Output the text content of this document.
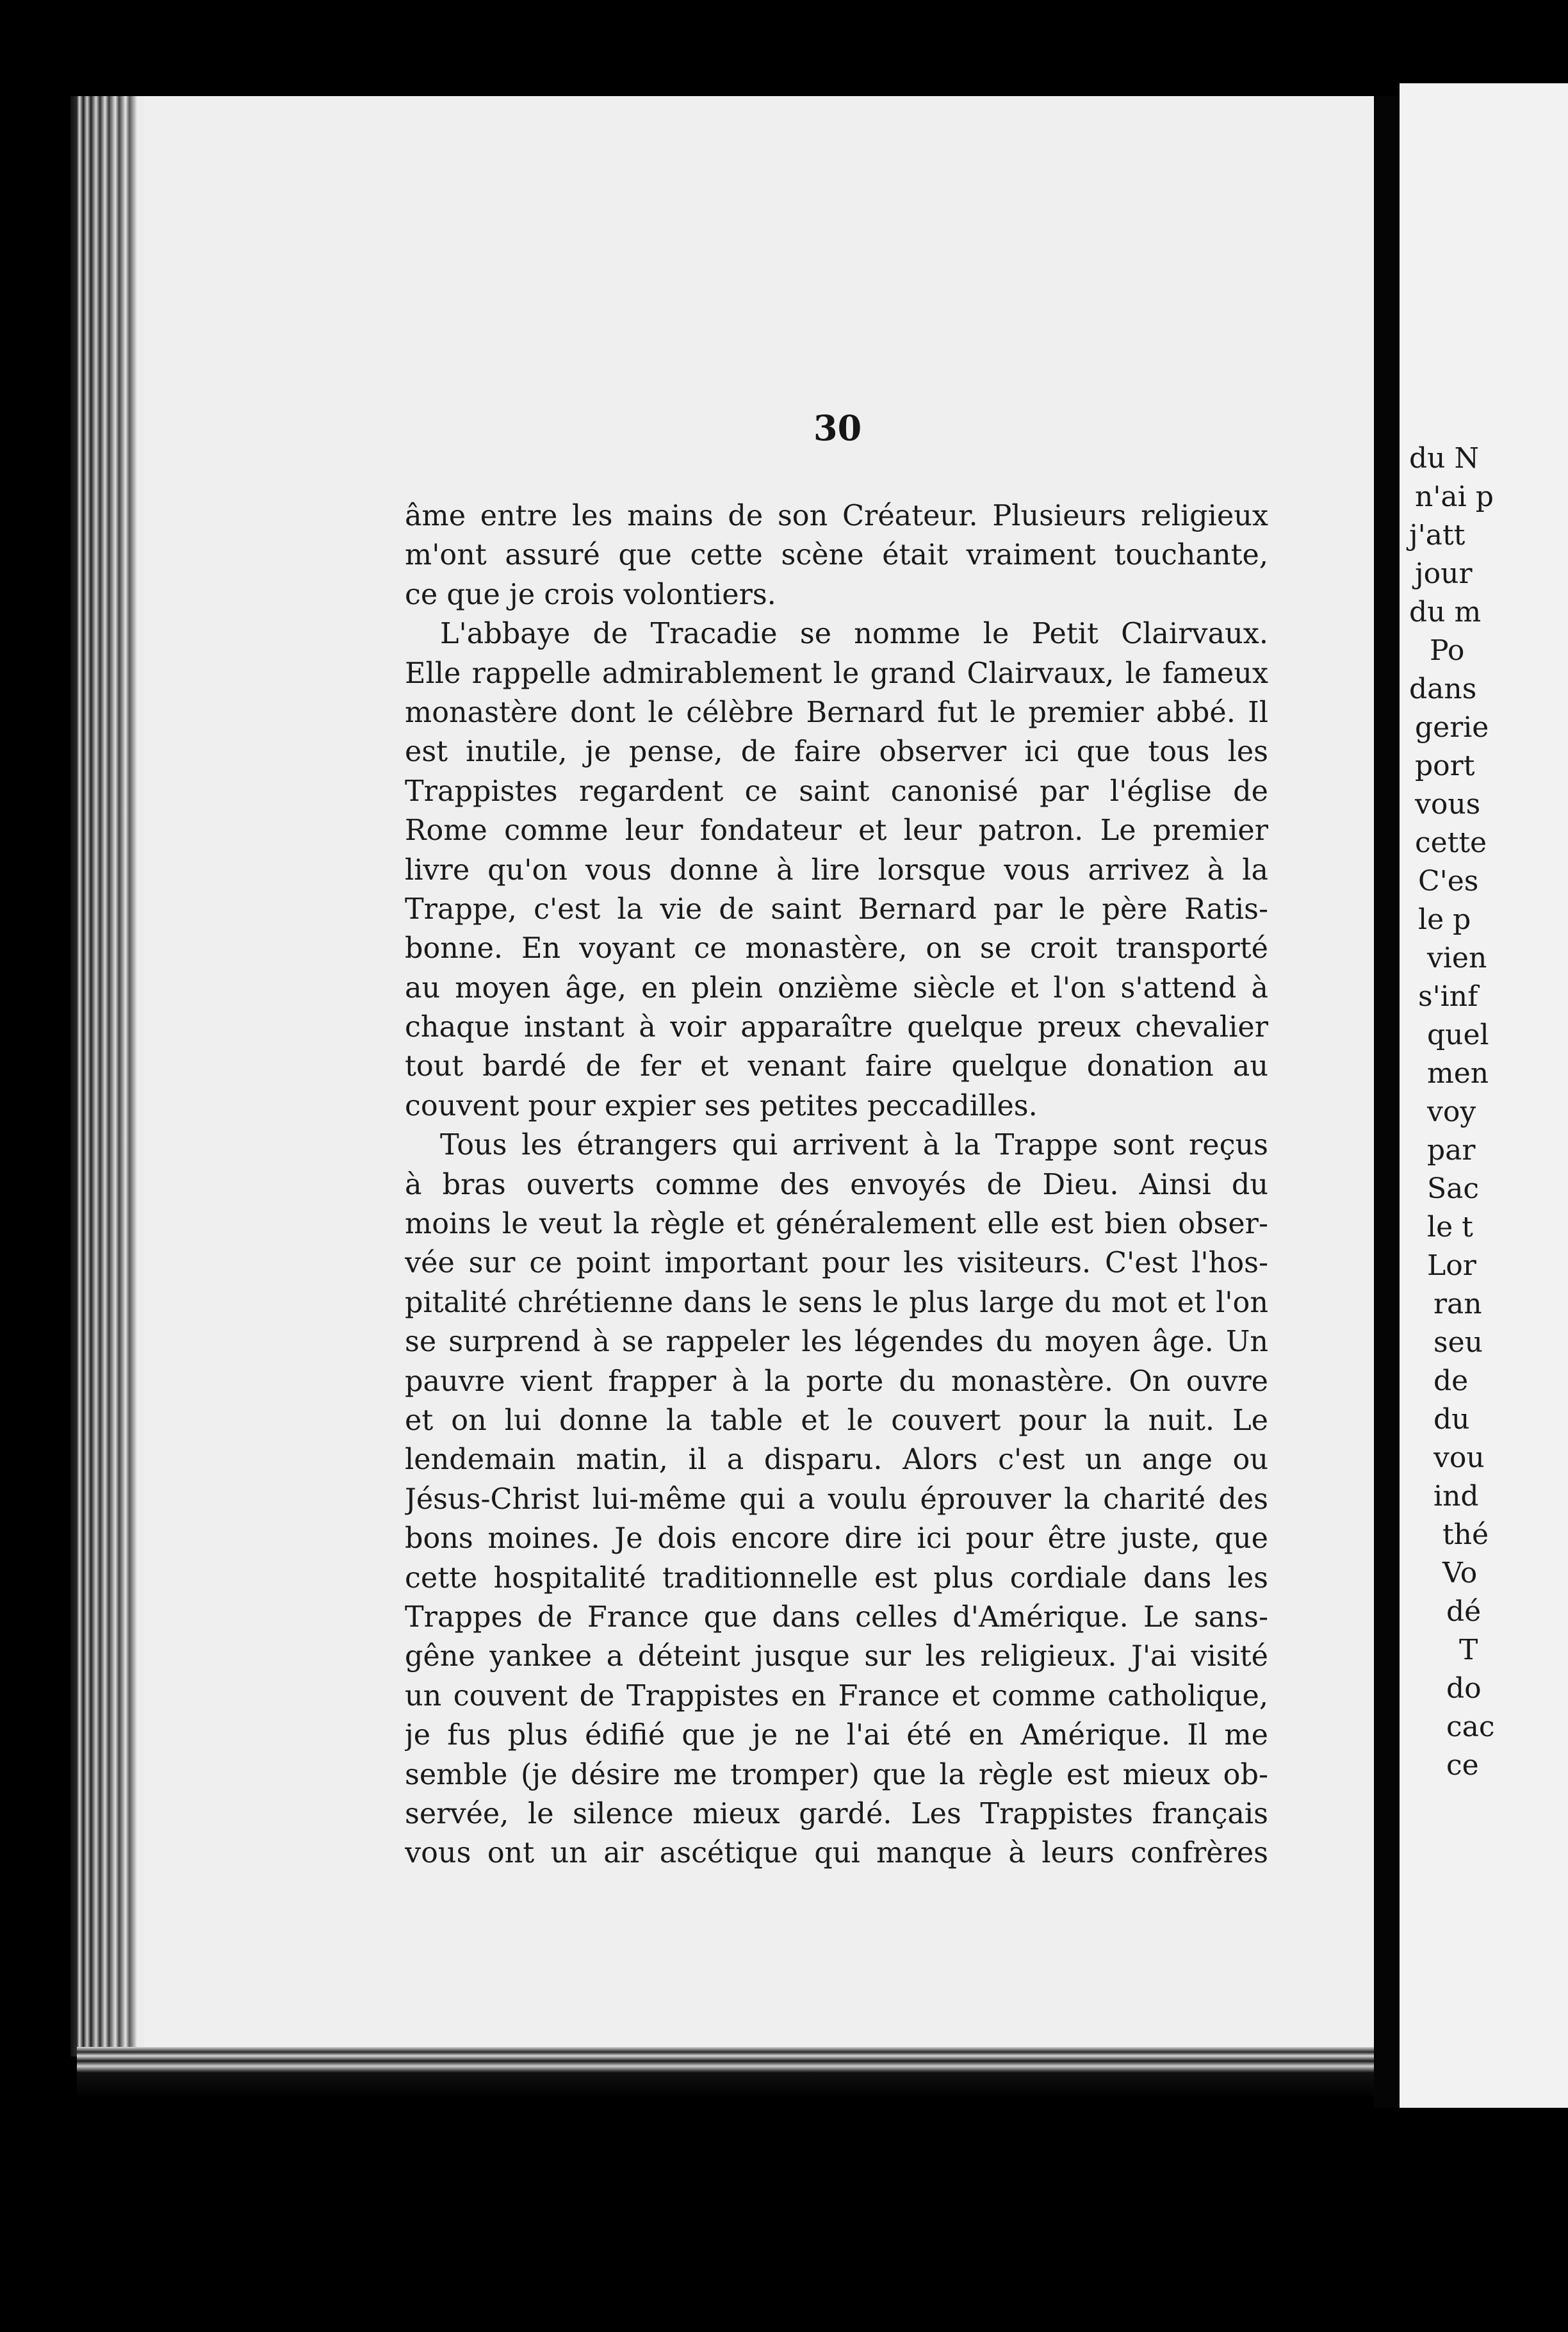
du N
n'ai p
j'att
jour
du m
Po
dans
gerie
port
vous
cette
C'es
le p
vien
s'inf
quel
men
voy
par
Sac
le t
Lor
ran
seu
de
du
vou
ind
thé
Vo
dé
T
do
cac
ce
30
âme entre les mains de son Créateur. Plusieurs religieux
m'ont assuré que cette scène était vraiment touchante,
ce que je crois volontiers.
L'abbaye de Tracadie se nomme le Petit Clairvaux.
Elle rappelle admirablement le grand Clairvaux, le fameux
monastère dont le célèbre Bernard fut le premier abbé. Il
est inutile, je pense, de faire observer ici que tous les
Trappistes regardent ce saint canonisé par l'église de
Rome comme leur fondateur et leur patron. Le premier
livre qu'on vous donne à lire lorsque vous arrivez à la
Trappe, c'est la vie de saint Bernard par le père Ratis-
bonne. En voyant ce monastère, on se croit transporté
au moyen âge, en plein onzième siècle et l'on s'attend à
chaque instant à voir apparaître quelque preux chevalier
tout bardé de fer et venant faire quelque donation au
couvent pour expier ses petites peccadilles.
Tous les étrangers qui arrivent à la Trappe sont reçus
à bras ouverts comme des envoyés de Dieu. Ainsi du
moins le veut la règle et généralement elle est bien obser-
vée sur ce point important pour les visiteurs. C'est l'hos-
pitalité chrétienne dans le sens le plus large du mot et l'on
se surprend à se rappeler les légendes du moyen âge. Un
pauvre vient frapper à la porte du monastère. On ouvre
et on lui donne la table et le couvert pour la nuit. Le
lendemain matin, il a disparu. Alors c'est un ange ou
Jésus-Christ lui-même qui a voulu éprouver la charité des
bons moines. Je dois encore dire ici pour être juste, que
cette hospitalité traditionnelle est plus cordiale dans les
Trappes de France que dans celles d'Amérique. Le sans-
gêne yankee a déteint jusque sur les religieux. J'ai visité
un couvent de Trappistes en France et comme catholique,
je fus plus édifié que je ne l'ai été en Amérique. Il me
semble (je désire me tromper) que la règle est mieux ob-
servée, le silence mieux gardé. Les Trappistes français
vous ont un air ascétique qui manque à leurs confrères
